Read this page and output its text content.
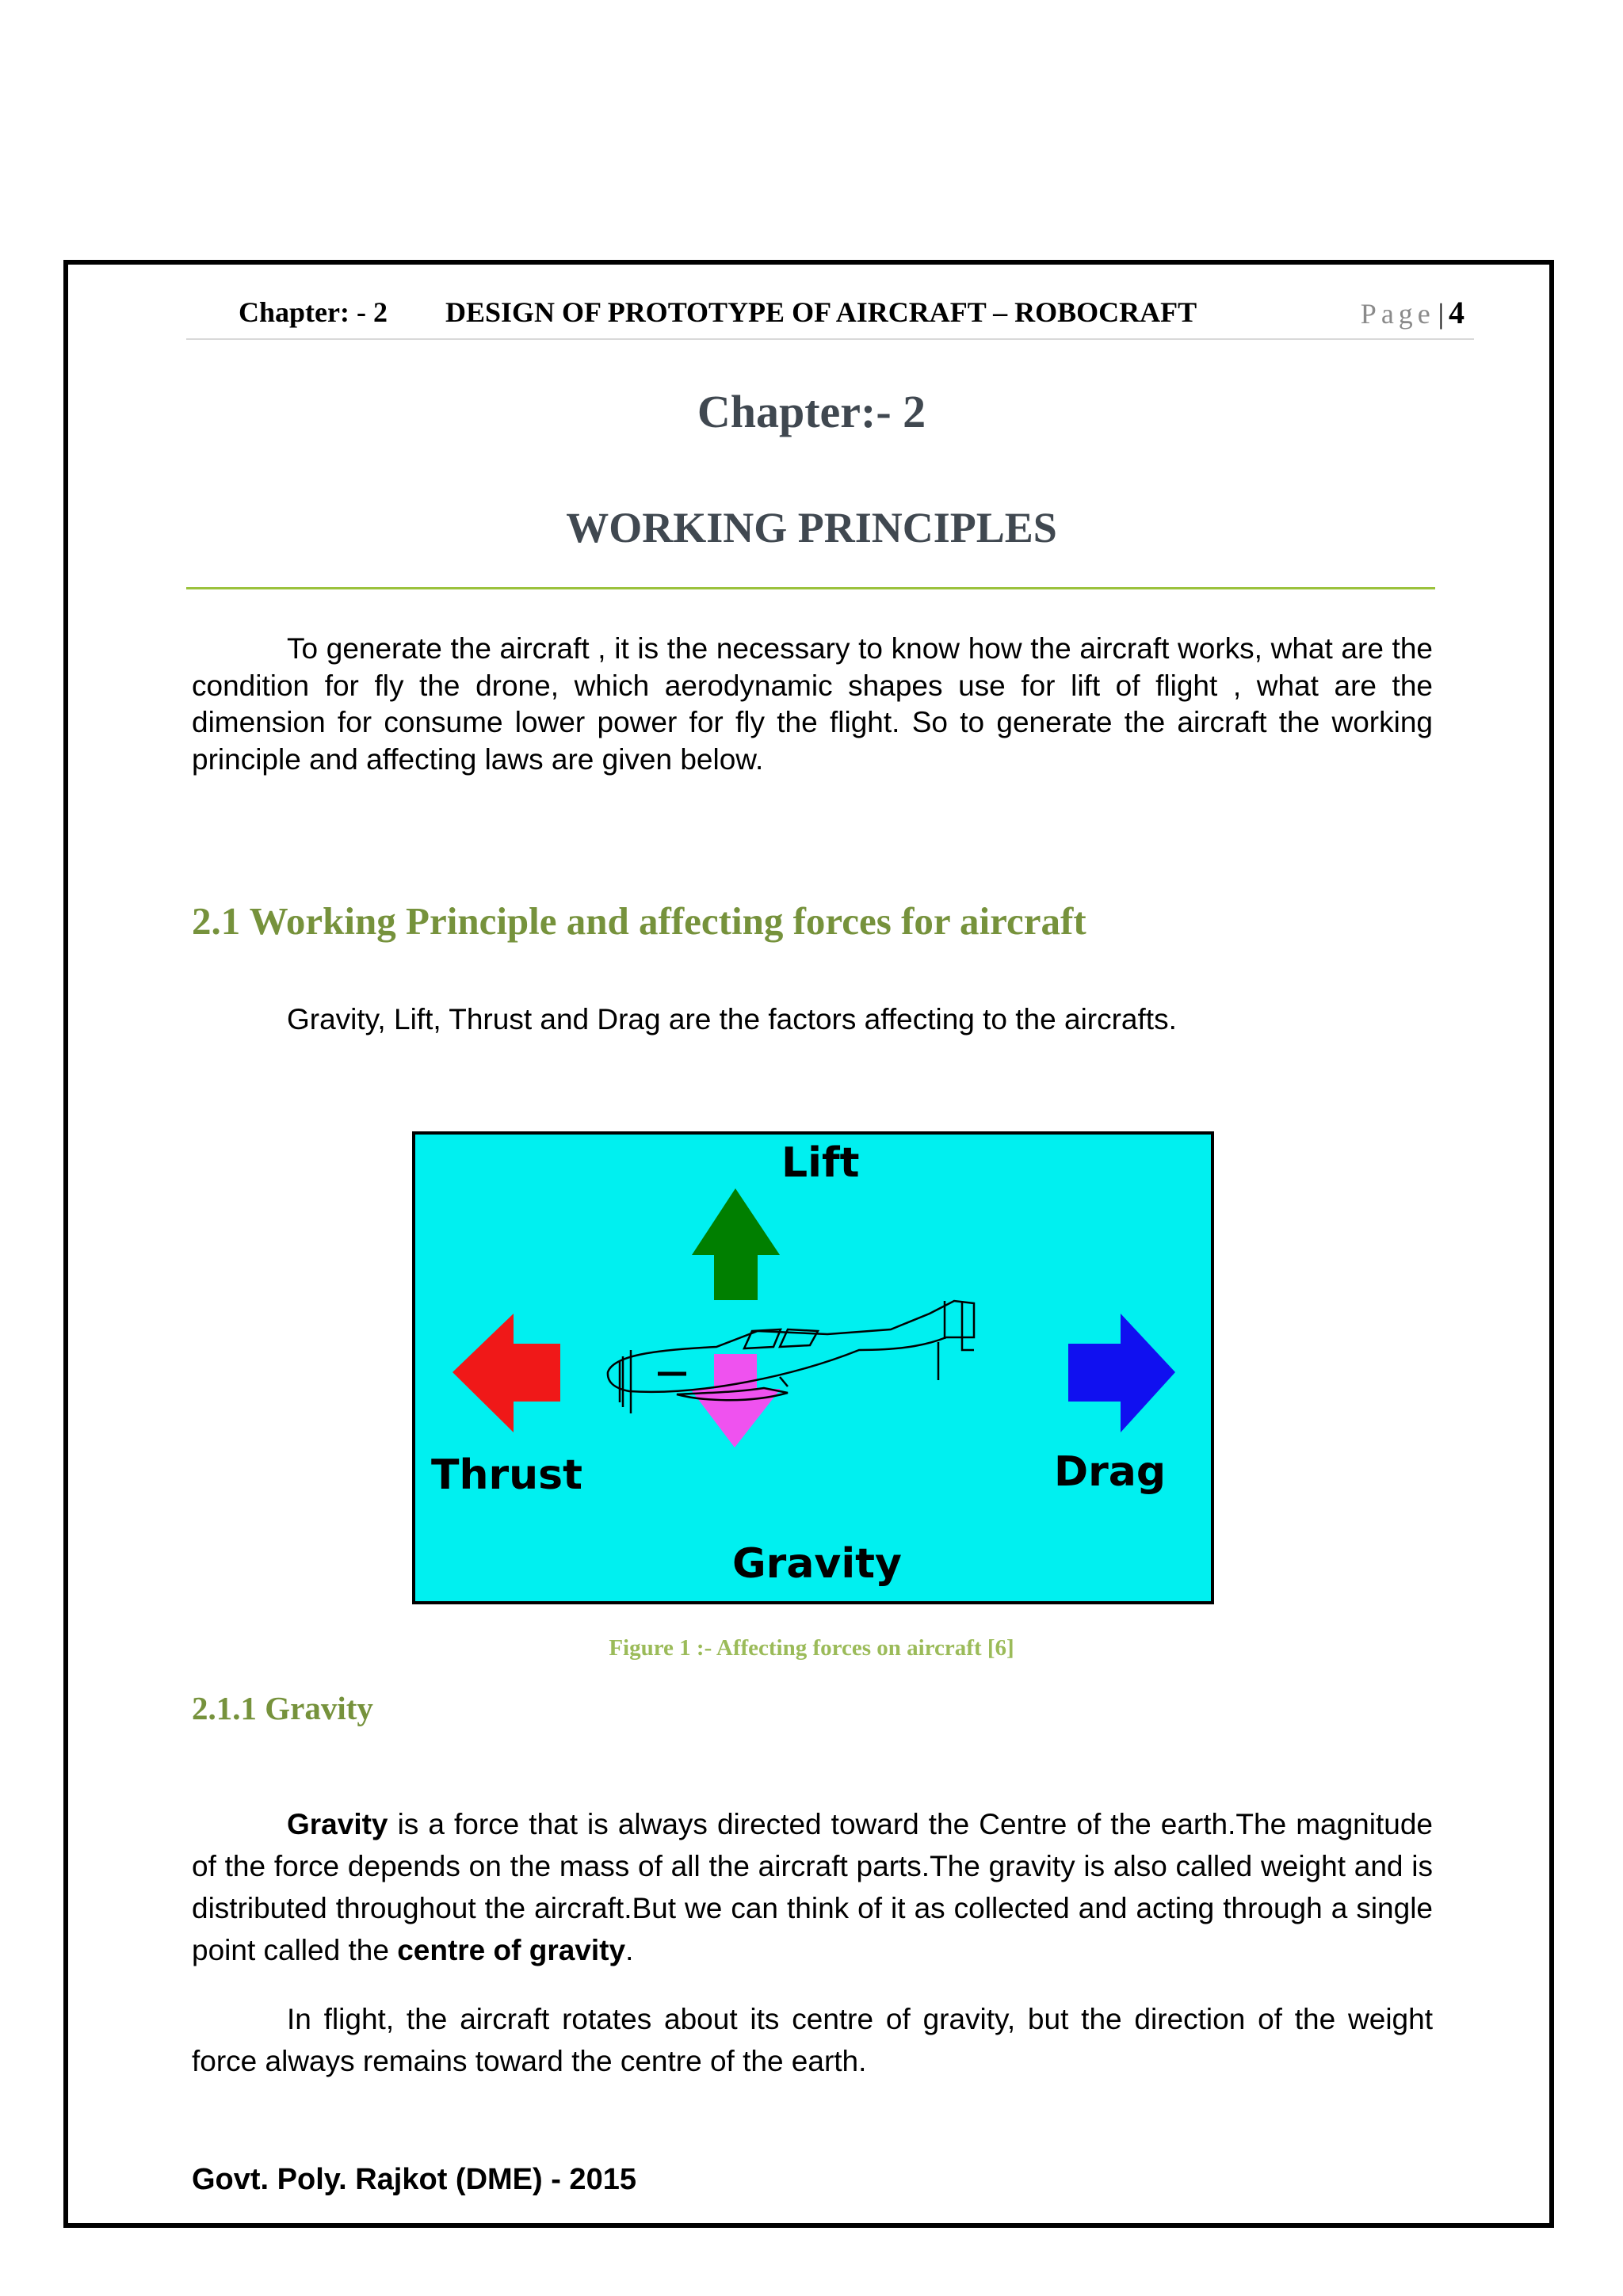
Chapter: - 2 DESIGN OF PROTOTYPE OF AIRCRAFT – ROBOCRAFT	Page | 4
Chapter:- 2
WORKING PRINCIPLES
To generate the aircraft , it is the necessary to know how the aircraft works, what are the condition for fly the drone, which aerodynamic shapes use for lift of flight , what are the dimension for consume lower power for fly the flight. So to generate the aircraft the working principle and affecting laws are given below.
2.1 Working Principle and affecting forces for aircraft
Gravity, Lift, Thrust and Drag are the factors affecting to the aircrafts.
Lift
Thrust	Drag
Gravity
Figure 1 :- Affecting forces on aircraft [6]
2.1.1 Gravity
Gravity is a force that is always directed toward the Centre of the earth.The magnitude of the force depends on the mass of all the aircraft parts.The gravity is also called weight and is distributed throughout the aircraft.But we can think of it as collected and acting through a single point called the centre of gravity.
In flight, the aircraft rotates about its centre of gravity, but the direction of the weight force always remains toward the centre of the earth.
Govt. Poly. Rajkot (DME) - 2015
